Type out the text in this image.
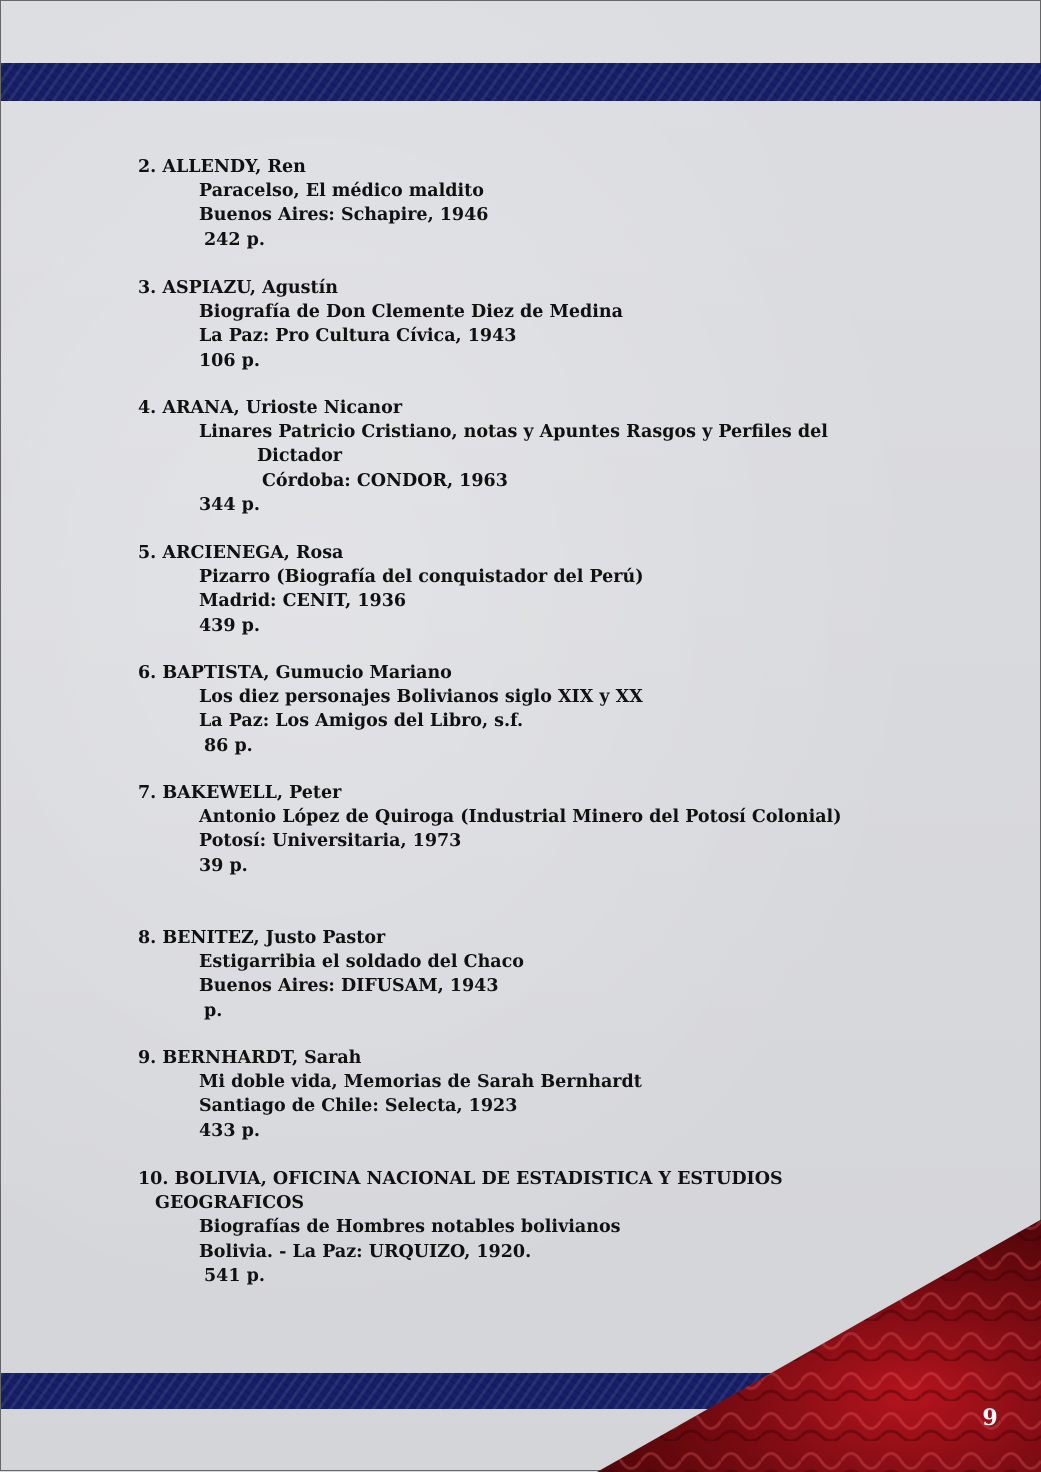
2. ALLENDY, Ren
Paracelso, El médico maldito
Buenos Aires: Schapire, 1946
242 p.
3. ASPIAZU, Agustín
Biografía de Don Clemente Diez de Medina
La Paz: Pro Cultura Cívica, 1943
106 p.
4. ARANA, Urioste Nicanor
Linares Patricio Cristiano, notas y Apuntes Rasgos y Perfiles del
Dictador
Córdoba: CONDOR, 1963
344 p.
5. ARCIENEGA, Rosa
Pizarro (Biografía del conquistador del Perú)
Madrid: CENIT, 1936
439 p.
6. BAPTISTA, Gumucio Mariano
Los diez personajes Bolivianos siglo XIX y XX
La Paz: Los Amigos del Libro, s.f.
86 p.
7. BAKEWELL, Peter
Antonio López de Quiroga (Industrial Minero del Potosí Colonial)
Potosí: Universitaria, 1973
39 p.
8. BENITEZ, Justo Pastor
Estigarribia el soldado del Chaco
Buenos Aires: DIFUSAM, 1943
p.
9. BERNHARDT, Sarah
Mi doble vida, Memorias de Sarah Bernhardt
Santiago de Chile: Selecta, 1923
433 p.
10. BOLIVIA, OFICINA NACIONAL DE ESTADISTICA Y ESTUDIOS
GEOGRAFICOS
Biografías de Hombres notables bolivianos
Bolivia. - La Paz: URQUIZO, 1920.
541 p.
9
